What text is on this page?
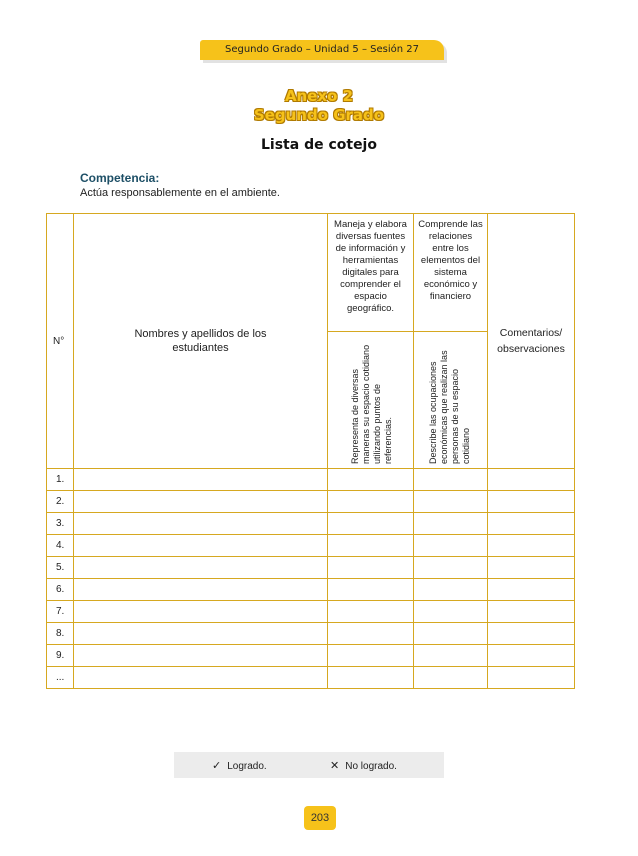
Segundo Grado – Unidad 5 – Sesión 27
Anexo 2
Segundo Grado
Lista de cotejo
Competencia:
Actúa responsablemente en el ambiente.
N°	Nombres y apellidos de los estudiantes	Maneja y elabora diversas fuentes de información y herramientas digitales para comprender el espacio geográfico.	Comprende las relaciones entre los elementos del sistema económico y financiero	Comentarios/ observaciones

		Representa de diversas maneras su espacio cotidiano utilizando puntos de referencias.	Describe las ocupaciones económicas que realizan las personas de su espacio cotidiano	

1.				
2.				
3.				
4.				
5.				
6.				
7.				
8.				
9.				
...				
✓ Logrado.	✕ No logrado.
203
